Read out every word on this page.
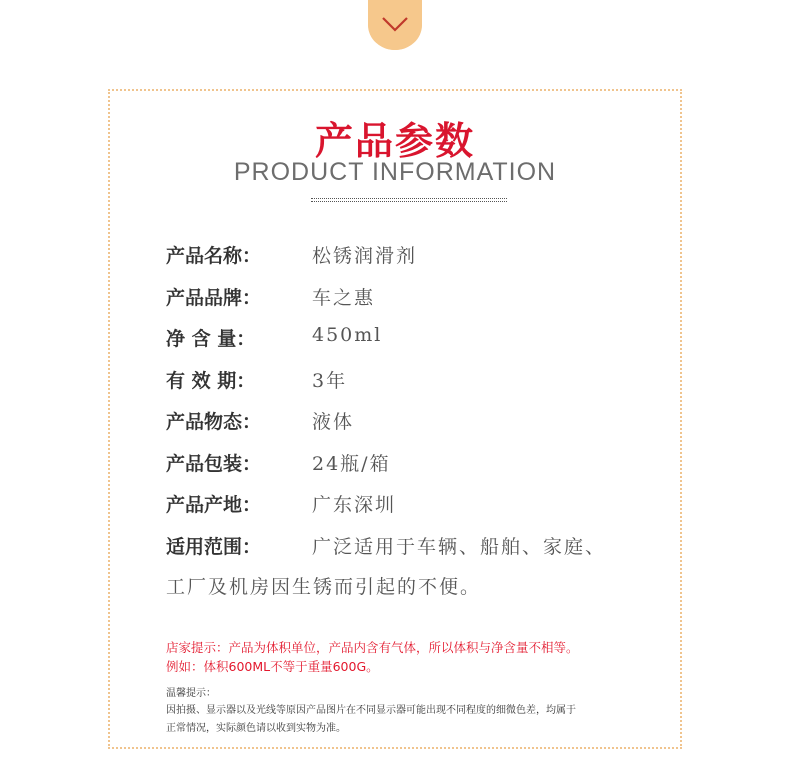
产品参数
PRODUCT INFORMATION
产品名称：	松锈润滑剂
产品品牌：	车之惠
净 含 量：	450ml
有 效 期：	3年
产品物态：	液体
产品包装：	24瓶/箱
产品产地：	广东深圳
适用范围：	广泛适用于车辆、船舶、家庭、
工厂及机房因生锈而引起的不便。
店家提示：产品为体积单位，产品内含有气体，所以体积与净含量不相等。
例如：体积600ML不等于重量600G。
温馨提示：
因拍摄、显示器以及光线等原因产品图片在不同显示器可能出现不同程度的细微色差，均属于
正常情况，实际颜色请以收到实物为准。
